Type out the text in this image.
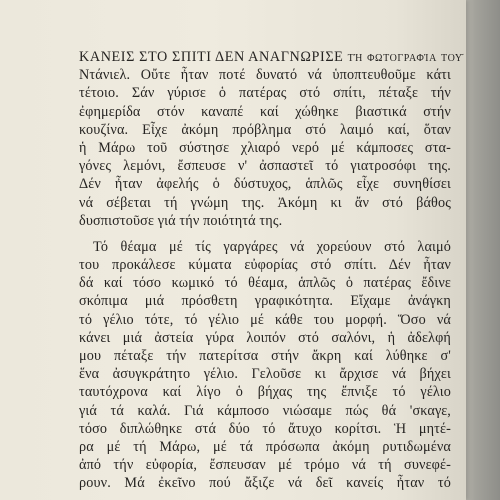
ΚΑΝΕΙΣ ΣΤΟ ΣΠΙΤΙ ΔΕΝ ΑΝΑΓΝΩΡΙΣΕ τή φωτογραφία τοῦ
Ντάνιελ. Οὔτε ἦταν ποτέ δυνατό νά ὑποπτευθοῦμε κάτι
τέτοιο. Σάν γύρισε ὁ πατέρας στό σπίτι, πέταξε τήν
ἐφημερίδα στόν καναπέ καί χώθηκε βιαστικά στήν
κουζίνα. Εἶχε ἀκόμη πρόβλημα στό λαιμό καί, ὅταν
ἡ Μάρω τοῦ σύστησε χλιαρό νερό μέ κάμποσες στα-
γόνες λεμόνι, ἔσπευσε ν' ἀσπαστεῖ τό γιατροσόφι της.
Δέν ἦταν ἀφελής ὁ δύστυχος, ἁπλῶς εἶχε συνηθίσει
νά σέβεται τή γνώμη της. Ἀκόμη κι ἄν στό βάθος
δυσπιστοῦσε γιά τήν ποιότητά της.
Τό θέαμα μέ τίς γαργάρες νά χορεύουν στό λαιμό
του προκάλεσε κύματα εὐφορίας στό σπίτι. Δέν ἦταν
δά καί τόσο κωμικό τό θέαμα, ἁπλῶς ὁ πατέρας ἔδινε
σκόπιμα μιά πρόσθετη γραφικότητα. Εἴχαμε ἀνάγκη
τό γέλιο τότε, τό γέλιο μέ κάθε του μορφή. Ὅσο νά
κάνει μιά ἀστεία γύρα λοιπόν στό σαλόνι, ἡ ἀδελφή
μου πέταξε τήν πατερίτσα στήν ἄκρη καί λύθηκε σ'
ἕνα ἀσυγκράτητο γέλιο. Γελοῦσε κι ἄρχισε νά βήχει
ταυτόχρονα καί λίγο ὁ βήχας της ἔπνιξε τό γέλιο
γιά τά καλά. Γιά κάμποσο νιώσαμε πώς θά 'σκαγε,
τόσο διπλώθηκε στά δύο τό ἄτυχο κορίτσι. Ἡ μητέ-
ρα μέ τή Μάρω, μέ τά πρόσωπα ἀκόμη ρυτιδωμένα
ἀπό τήν εὐφορία, ἔσπευσαν μέ τρόμο νά τή συνεφέ-
ρουν. Μά ἐκεῖνο πού ἄξιζε νά δεῖ κανείς ἦταν τό
